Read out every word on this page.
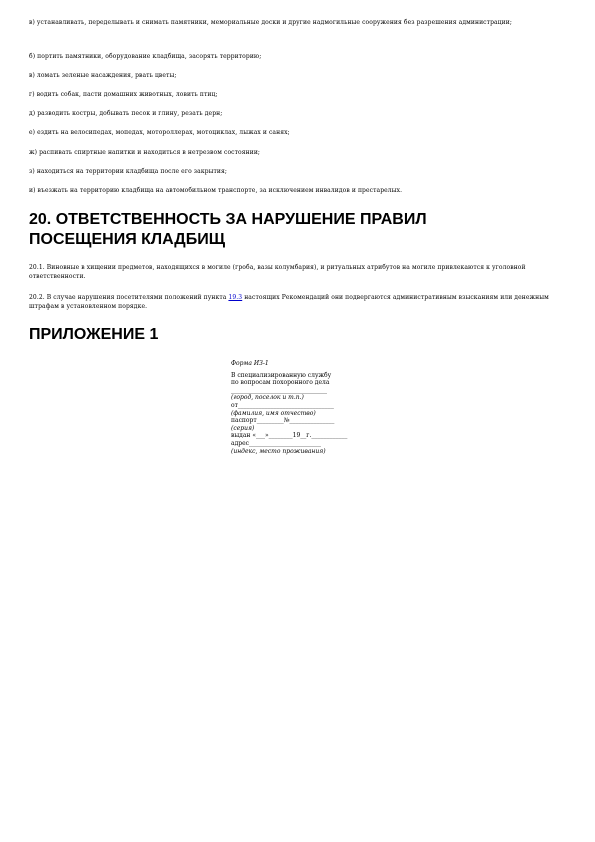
в) устанавливать, переделывать и снимать памятники, мемориальные доски и другие надмогильные сооружения без разрешения администрации;
б) портить памятники, оборудование кладбища, засорять территорию;
в) ломать зеленые насаждения, рвать цветы;
г) водить собак, пасти домашних животных, ловить птиц;
д) разводить костры, добывать песок и глину, резать дерн;
е) ездить на велосипедах, мопедах, мотороллерах, мотоциклах, лыжах и санях;
ж) распивать спиртные напитки и находиться в нетрезвом состоянии;
з) находиться на территории кладбища после его закрытия;
и) въезжать на территорию кладбища на автомобильном транспорте, за исключением инвалидов и престарелых.
20. ОТВЕТСТВЕННОСТЬ ЗА НАРУШЕНИЕ ПРАВИЛ
ПОСЕЩЕНИЯ КЛАДБИЩ
20.1. Виновные в хищении предметов, находящихся в могиле (гроба, вазы колумбария), и ритуальных атрибутов на могиле привлекаются к уголовной ответственности.
20.2. В случае нарушения посетителями положений пункта 19.3 настоящих Рекомендаций они подвергаются административным взысканиям или денежным штрафам в установленном порядке.
ПРИЛОЖЕНИЕ 1
Форма ИЗ-1
В специализированную службу
по вопросам похоронного дела
________________________________
(город, поселок и т.п.)
от________________________________
(фамилия, имя отчество)
паспорт_________№_______________
(серия)
выдан «___»________19__г.____________
адрес________________________
(индекс, место проживания)
